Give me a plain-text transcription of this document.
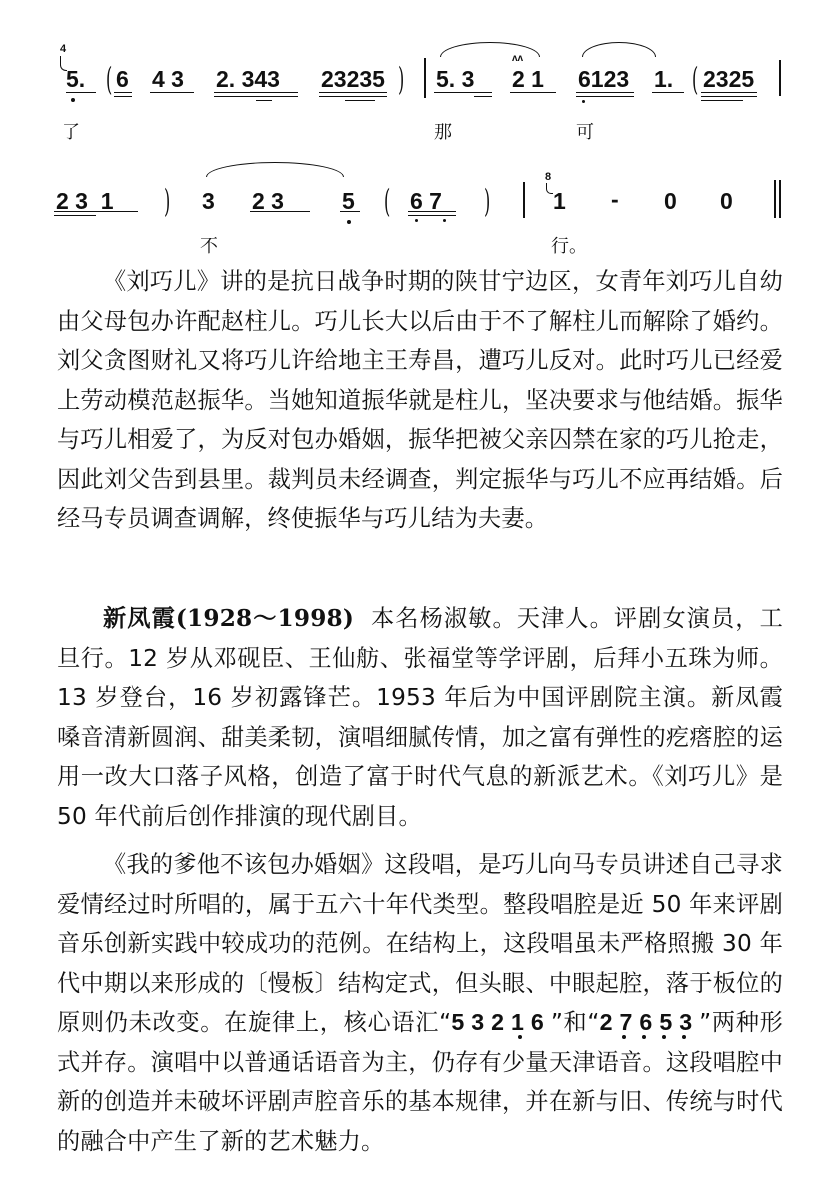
4
5.
了
( 6 4 3 2. 343 23235 )
ʌʌ
5. 3 2 1 6123 1. ( 2325
那	可
2 3  1 ) 3 2 3	5 ( 6 7 )
8
1 - 0 0
不	行。

《刘巧儿》讲的是抗日战争时期的陕甘宁边区，女青年刘巧儿自幼由父母包办许配赵柱儿。巧儿长大以后由于不了解柱儿而解除了婚约。刘父贪图财礼又将巧儿许给地主王寿昌，遭巧儿反对。此时巧儿已经爱上劳动模范赵振华。当她知道振华就是柱儿，坚决要求与他结婚。振华与巧儿相爱了，为反对包办婚姻，振华把被父亲囚禁在家的巧儿抢走，因此刘父告到县里。裁判员未经调查，判定振华与巧儿不应再结婚。后经马专员调查调解，终使振华与巧儿结为夫妻。

新凤霞(1928～1998) 本名杨淑敏。天津人。评剧女演员，工旦行。12 岁从邓砚臣、王仙舫、张福堂等学评剧，后拜小五珠为师。13 岁登台，16 岁初露锋芒。1953 年后为中国评剧院主演。新凤霞嗓音清新圆润、甜美柔韧，演唱细腻传情，加之富有弹性的疙瘩腔的运用一改大口落子风格，创造了富于时代气息的新派艺术。《刘巧儿》是 50 年代前后创作排演的现代剧目。

《我的爹他不该包办婚姻》这段唱，是巧儿向马专员讲述自己寻求爱情经过时所唱的，属于五六十年代类型。整段唱腔是近 50 年来评剧音乐创新实践中较成功的范例。在结构上，这段唱虽未严格照搬 30 年代中期以来形成的〔慢板〕结构定式，但头眼、中眼起腔，落于板位的原则仍未改变。在旋律上，核心语汇“53216
”和“27653
”两种形式并存。演唱中以普通话语音为主，仍存有少量天津语音。这段唱腔中新的创造并未破坏评剧声腔音乐的基本规律，并在新与旧、传统与时代的融合中产生了新的艺术魅力。
